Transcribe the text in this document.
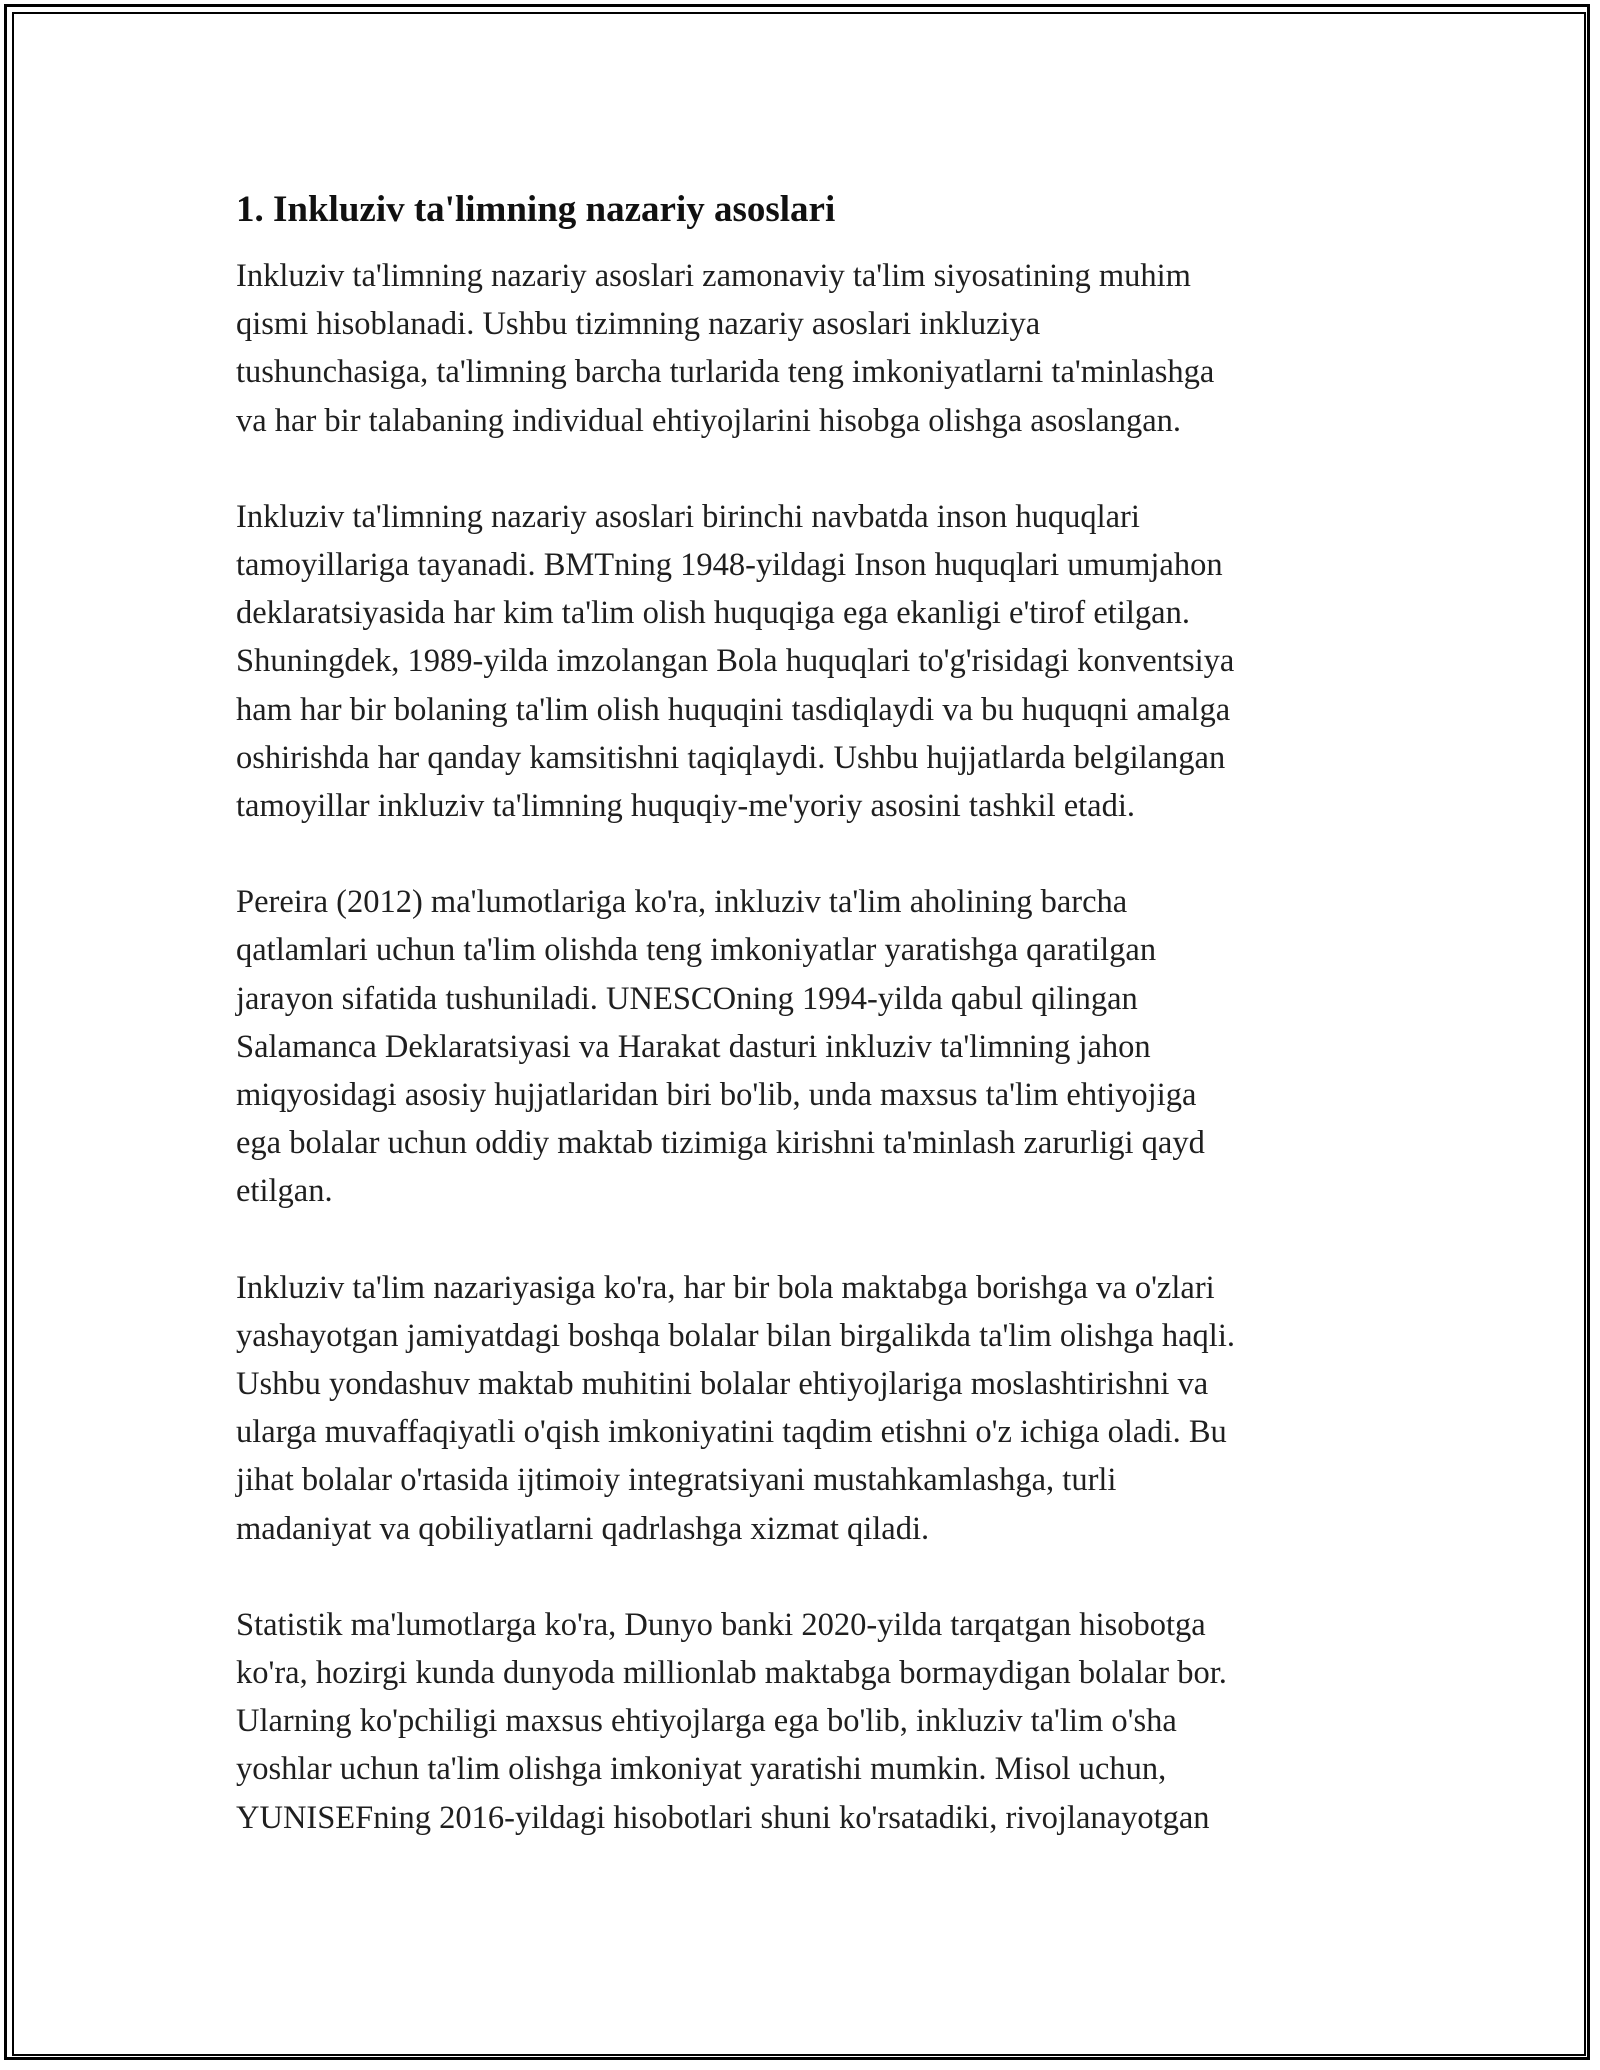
1. Inkluziv ta'limning nazariy asoslari

Inkluziv ta'limning nazariy asoslari zamonaviy ta'lim siyosatining muhim
qismi hisoblanadi. Ushbu tizimning nazariy asoslari inkluziya
tushunchasiga, ta'limning barcha turlarida teng imkoniyatlarni ta'minlashga
va har bir talabaning individual ehtiyojlarini hisobga olishga asoslangan.

Inkluziv ta'limning nazariy asoslari birinchi navbatda inson huquqlari
tamoyillariga tayanadi. BMTning 1948-yildagi Inson huquqlari umumjahon
deklaratsiyasida har kim ta'lim olish huquqiga ega ekanligi e'tirof etilgan.
Shuningdek, 1989-yilda imzolangan Bola huquqlari to'g'risidagi konventsiya
ham har bir bolaning ta'lim olish huquqini tasdiqlaydi va bu huquqni amalga
oshirishda har qanday kamsitishni taqiqlaydi. Ushbu hujjatlarda belgilangan
tamoyillar inkluziv ta'limning huquqiy-me'yoriy asosini tashkil etadi.

Pereira (2012) ma'lumotlariga ko'ra, inkluziv ta'lim aholining barcha
qatlamlari uchun ta'lim olishda teng imkoniyatlar yaratishga qaratilgan
jarayon sifatida tushuniladi. UNESCOning 1994-yilda qabul qilingan
Salamanca Deklaratsiyasi va Harakat dasturi inkluziv ta'limning jahon
miqyosidagi asosiy hujjatlaridan biri bo'lib, unda maxsus ta'lim ehtiyojiga
ega bolalar uchun oddiy maktab tizimiga kirishni ta'minlash zarurligi qayd
etilgan.

Inkluziv ta'lim nazariyasiga ko'ra, har bir bola maktabga borishga va o'zlari
yashayotgan jamiyatdagi boshqa bolalar bilan birgalikda ta'lim olishga haqli.
Ushbu yondashuv maktab muhitini bolalar ehtiyojlariga moslashtirishni va
ularga muvaffaqiyatli o'qish imkoniyatini taqdim etishni o'z ichiga oladi. Bu
jihat bolalar o'rtasida ijtimoiy integratsiyani mustahkamlashga, turli
madaniyat va qobiliyatlarni qadrlashga xizmat qiladi.

Statistik ma'lumotlarga ko'ra, Dunyo banki 2020-yilda tarqatgan hisobotga
ko'ra, hozirgi kunda dunyoda millionlab maktabga bormaydigan bolalar bor.
Ularning ko'pchiligi maxsus ehtiyojlarga ega bo'lib, inkluziv ta'lim o'sha
yoshlar uchun ta'lim olishga imkoniyat yaratishi mumkin. Misol uchun,
YUNISEFning 2016-yildagi hisobotlari shuni ko'rsatadiki, rivojlanayotgan
